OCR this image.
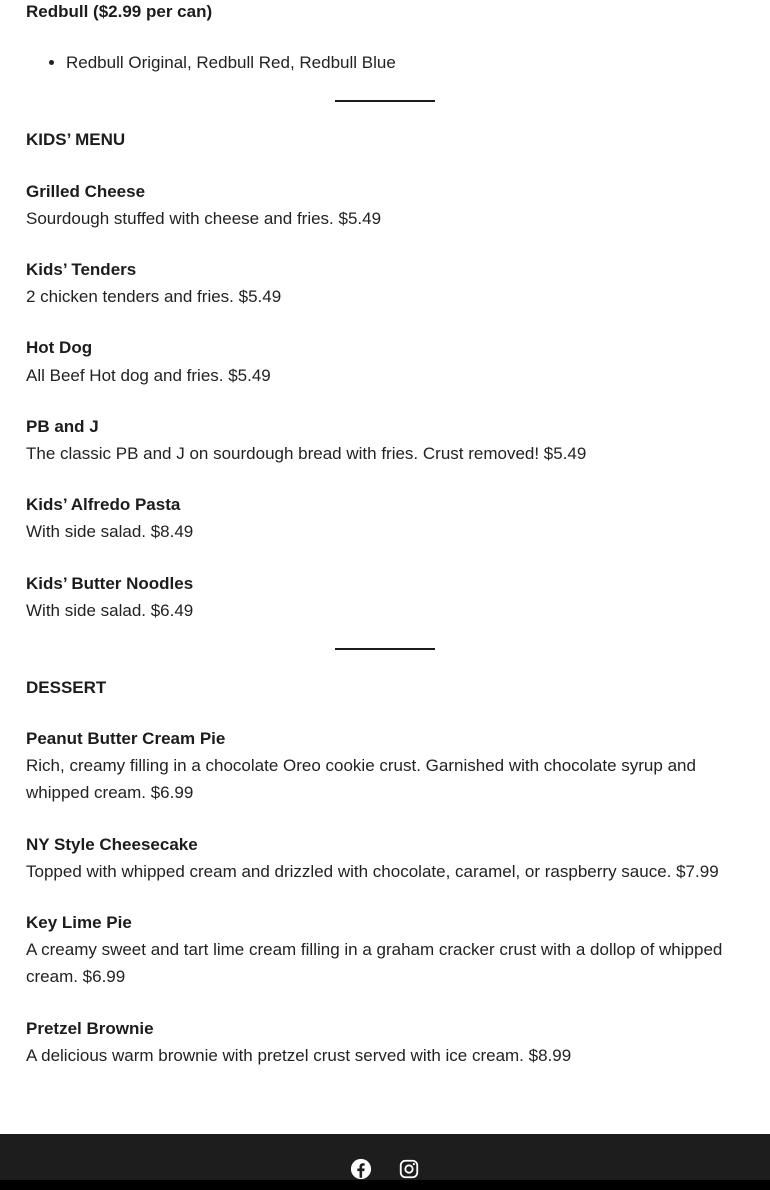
Redbull ($2.99 per can)
• Redbull Original, Redbull Red, Redbull Blue
KIDS’ MENU
Grilled Cheese
Sourdough stuffed with cheese and fries. $5.49
Kids’ Tenders
2 chicken tenders and fries. $5.49
Hot Dog
All Beef Hot dog and fries. $5.49
PB and J
The classic PB and J on sourdough bread with fries. Crust removed! $5.49
Kids’ Alfredo Pasta
With side salad. $8.49
Kids’ Butter Noodles
With side salad. $6.49
DESSERT
Peanut Butter Cream Pie
Rich, creamy filling in a chocolate Oreo cookie crust. Garnished with chocolate syrup and whipped cream. $6.99
NY Style Cheesecake
Topped with whipped cream and drizzled with chocolate, caramel, or raspberry sauce. $7.99
Key Lime Pie
A creamy sweet and tart lime cream filling in a graham cracker crust with a dollop of whipped cream. $6.99
Pretzel Brownie
A delicious warm brownie with pretzel crust served with ice cream. $8.99
